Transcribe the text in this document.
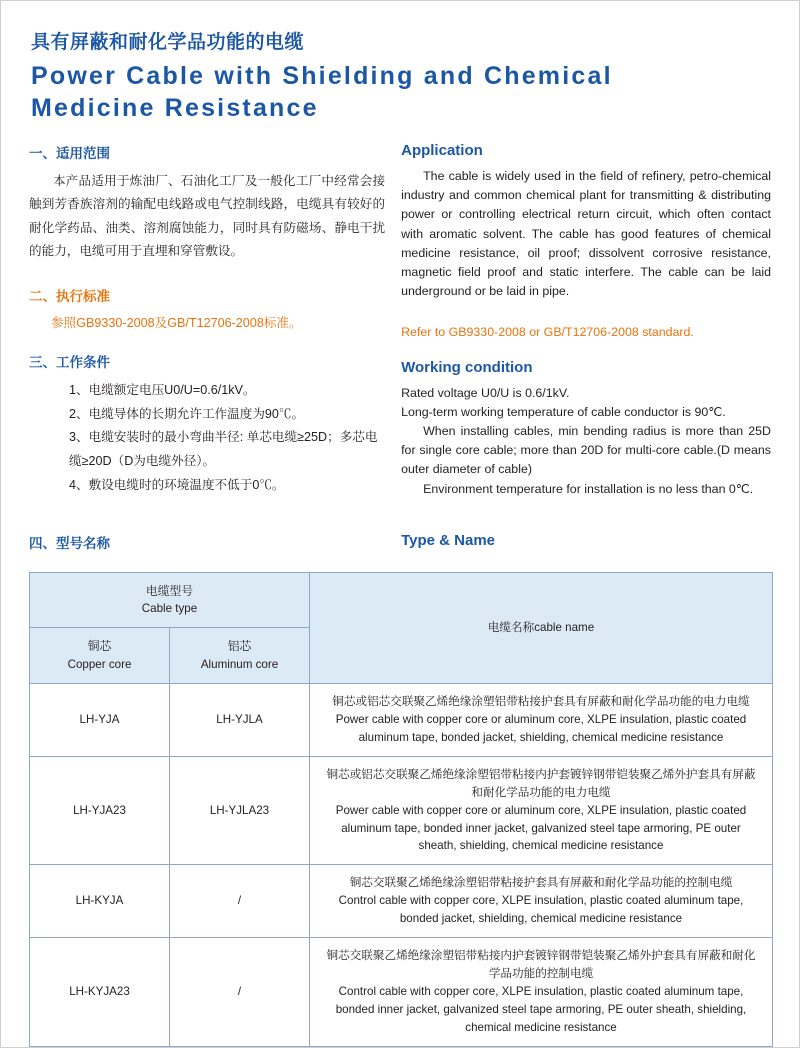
具有屏蔽和耐化学品功能的电缆
Power Cable with Shielding and Chemical
Medicine Resistance
一、适用范围

本产品适用于炼油厂、石油化工厂及一般化工厂中经常会接触到芳香族溶剂的输配电线路或电气控制线路，电缆具有较好的耐化学药品、油类、溶剂腐蚀能力，同时具有防磁场、静电干扰的能力，电缆可用于直埋和穿管敷设。

二、执行标准

参照GB9330-2008及GB/T12706-2008标准。

三、工作条件
1、电缆额定电压U0/U=0.6/1kV。
2、电缆导体的长期允许工作温度为90℃。
3、电缆安装时的最小弯曲半径: 单芯电缆≥25D；多芯电缆≥20D（D为电缆外径）。
4、敷设电缆时的环境温度不低于0℃。
Application

The cable is widely used in the field of refinery, petro-chemical industry and common chemical plant for transmitting & distributing power or controlling electrical return circuit, which often contact with aromatic solvent. The cable has good features of chemical medicine resistance, oil proof; dissolvent corrosive resistance, magnetic field proof and static interfere. The cable can be laid underground or be laid in pipe.

Refer to GB9330-2008 or GB/T12706-2008 standard.

Working condition

Rated voltage U0/U is 0.6/1kV.

Long-term working temperature of cable conductor is 90℃.

When installing cables, min bending radius is more than 25D for single core cable; more than 20D for multi-core cable.(D means outer diameter of cable)

Environment temperature for installation is no less than 0℃.

四、型号名称	Type & Name
电缆型号
Cable type		电缆名称cable name

铜芯
Copper core	铝芯
Aluminum core	

LH-YJA	LH-YJLA	铜芯或铝芯交联聚乙烯绝缘涂塑铝带粘接护套具有屏蔽和耐化学品功能的电力电缆
Power cable with copper core or aluminum core, XLPE insulation, plastic coated aluminum tape, bonded jacket, shielding, chemical medicine resistance

LH-YJA23	LH-YJLA23	铜芯或铝芯交联聚乙烯绝缘涂塑铝带粘接内护套镀锌钢带铠装聚乙烯外护套具有屏蔽和耐化学品功能的电力电缆
Power cable with copper core or aluminum core, XLPE insulation, plastic coated aluminum tape, bonded inner jacket, galvanized steel tape armoring, PE outer sheath, shielding, chemical medicine resistance

LH-KYJA	/	铜芯交联聚乙烯绝缘涂塑铝带粘接护套具有屏蔽和耐化学品功能的控制电缆
Control cable with copper core, XLPE insulation, plastic coated aluminum tape, bonded jacket, shielding, chemical medicine resistance

LH-KYJA23	/	铜芯交联聚乙烯绝缘涂塑铝带粘接内护套镀锌钢带铠装聚乙烯外护套具有屏蔽和耐化学品功能的控制电缆
Control cable with copper core, XLPE insulation, plastic coated aluminum tape, bonded inner jacket, galvanized steel tape armoring, PE outer sheath, shielding, chemical medicine resistance
